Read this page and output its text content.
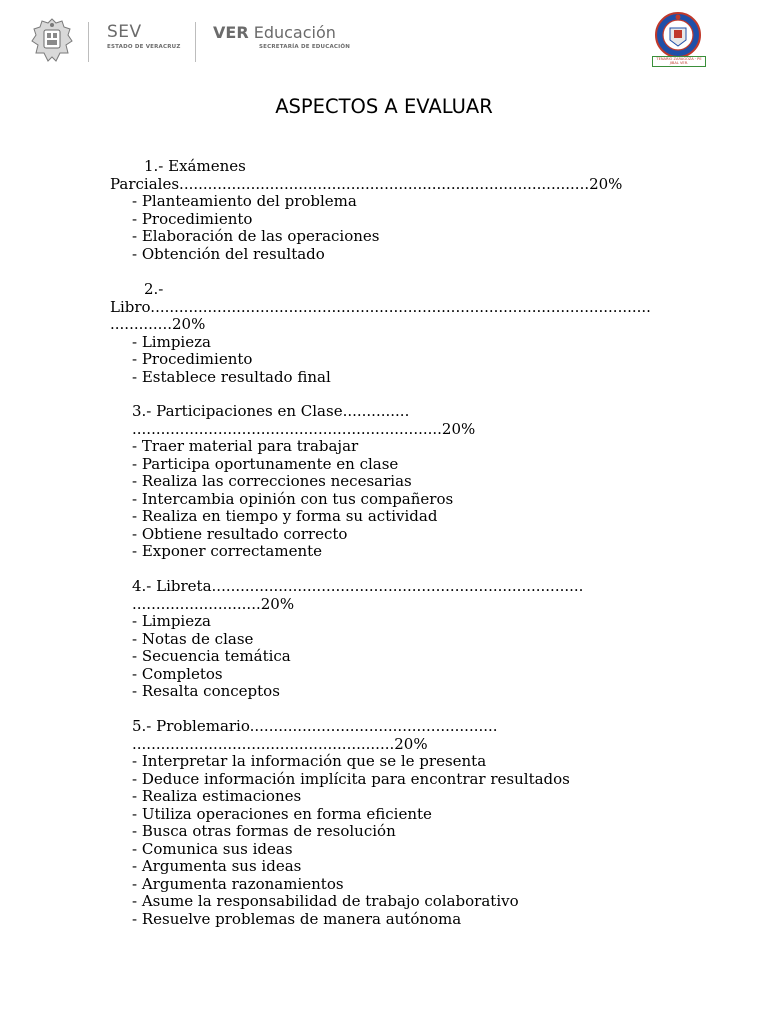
SEV
ESTADO DE VERACRUZ
VER Educación
SECRETARÍA DE EDUCACIÓN
TENARIO ZARAGOZA · PE JIBAL VER.
ASPECTOS A EVALUAR
1.- Exámenes
Parciales......................................................................................20%
- Planteamiento del problema
- Procedimiento
- Elaboración de las operaciones
- Obtención del resultado
2.-
Libro.........................................................................................................
.............20%
- Limpieza
- Procedimiento
- Establece resultado final
3.- Participaciones en Clase..............
.................................................................20%
- Traer material para trabajar
- Participa oportunamente en clase
- Realiza las correcciones necesarias
- Intercambia opinión con tus compañeros
- Realiza en tiempo y forma su actividad
- Obtiene resultado correcto
- Exponer correctamente
4.- Libreta..............................................................................
...........................20%
- Limpieza
- Notas de clase
- Secuencia temática
- Completos
- Resalta conceptos
5.- Problemario....................................................
.......................................................20%
- Interpretar la información que se le presenta
- Deduce información implícita para encontrar resultados
- Realiza estimaciones
- Utiliza operaciones en forma eficiente
- Busca otras formas de resolución
- Comunica sus ideas
- Argumenta sus ideas
- Argumenta razonamientos
- Asume la responsabilidad de trabajo colaborativo
- Resuelve problemas de manera autónoma
